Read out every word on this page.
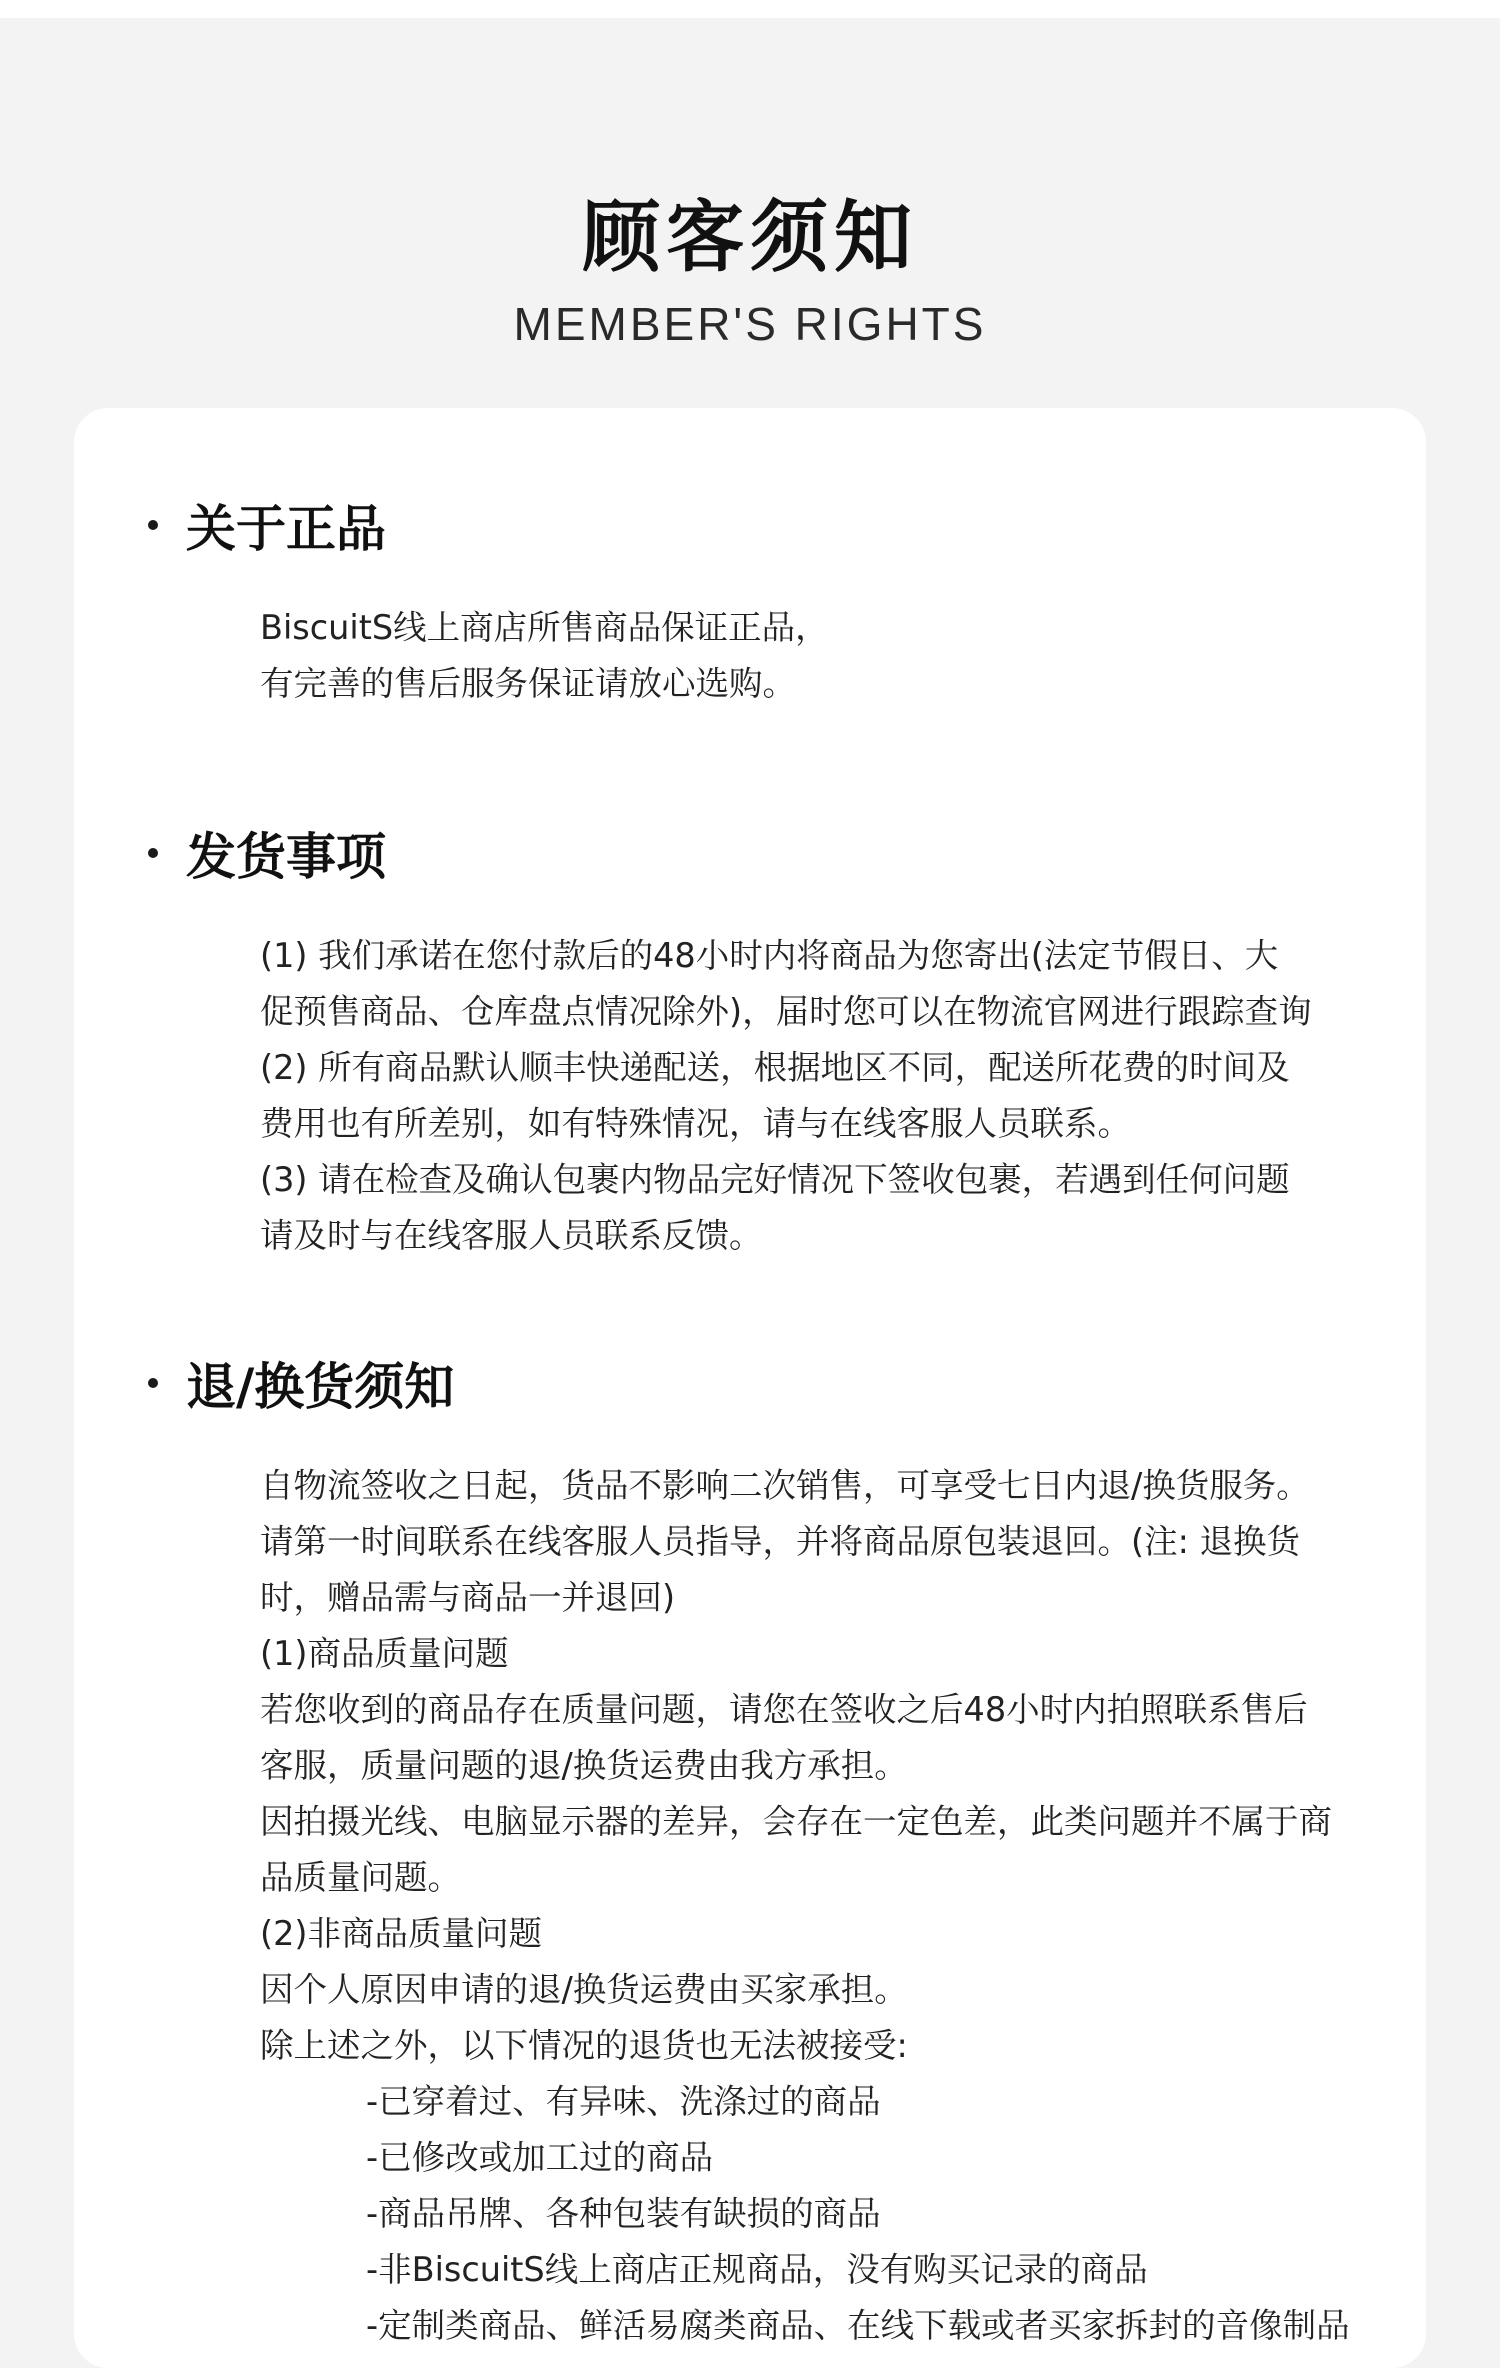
顾客须知
MEMBER'S RIGHTS
关于正品
BiscuitS线上商店所售商品保证正品，
有完善的售后服务保证请放心选购。
发货事项
(1) 我们承诺在您付款后的48小时内将商品为您寄出(法定节假日、大
促预售商品、仓库盘点情况除外)，届时您可以在物流官网进行跟踪查询
(2) 所有商品默认顺丰快递配送，根据地区不同，配送所花费的时间及
费用也有所差别，如有特殊情况，请与在线客服人员联系。
(3) 请在检查及确认包裹内物品完好情况下签收包裹，若遇到任何问题
请及时与在线客服人员联系反馈。
退/换货须知
自物流签收之日起，货品不影响二次销售，可享受七日内退/换货服务。
请第一时间联系在线客服人员指导，并将商品原包装退回。(注: 退换货
时，赠品需与商品一并退回)
(1)商品质量问题
若您收到的商品存在质量问题，请您在签收之后48小时内拍照联系售后
客服，质量问题的退/换货运费由我方承担。
因拍摄光线、电脑显示器的差异，会存在一定色差，此类问题并不属于商
品质量问题。
(2)非商品质量问题
因个人原因申请的退/换货运费由买家承担。
除上述之外，以下情况的退货也无法被接受:
-已穿着过、有异味、洗涤过的商品
-已修改或加工过的商品
-商品吊牌、各种包装有缺损的商品
-非BiscuitS线上商店正规商品，没有购买记录的商品
-定制类商品、鲜活易腐类商品、在线下载或者买家拆封的音像制品
